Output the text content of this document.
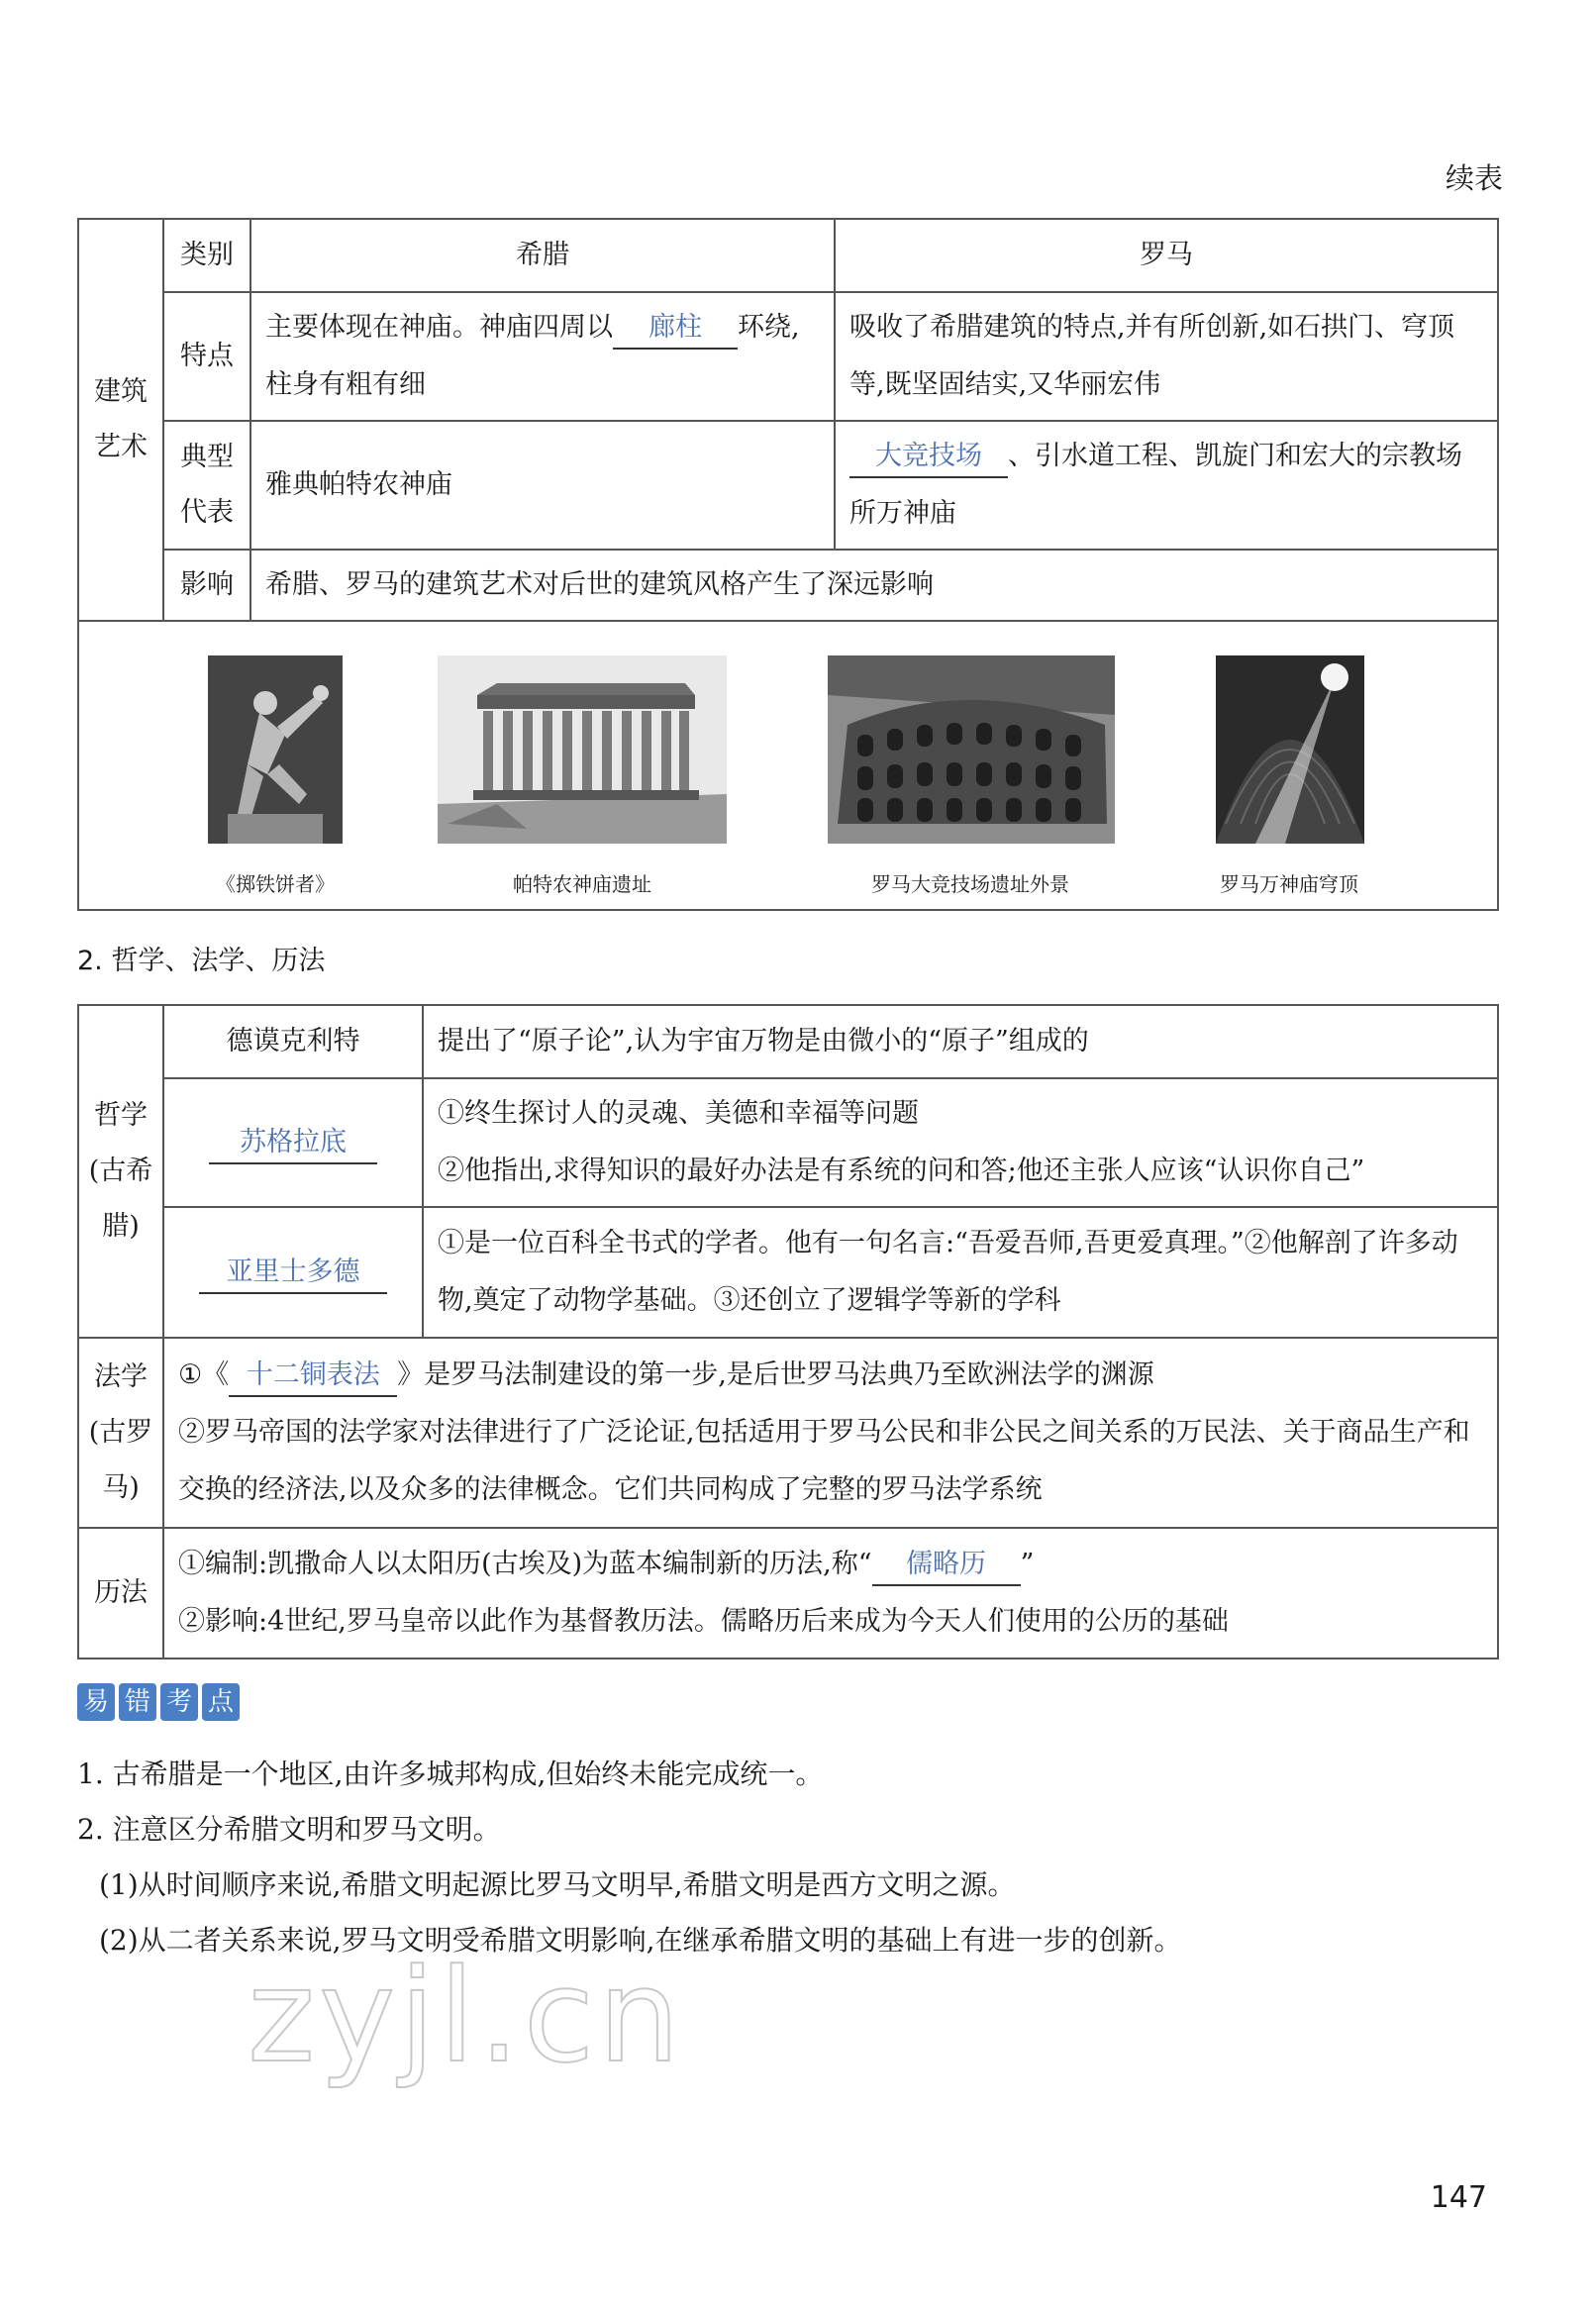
续表
建筑艺术	类别	希腊	罗马
	特点	主要体现在神庙。神庙四周以 廊柱 环绕,柱身有粗有细	吸收了希腊建筑的特点,并有所创新,如石拱门、穹顶等,既坚固结实,又华丽宏伟
	典型代表	雅典帕特农神庙	大竞技场 、引水道工程、凯旋门和宏大的宗教场所万神庙
	影响	希腊、罗马的建筑艺术对后世的建筑风格产生了深远影响	

《掷铁饼者》 帕特农神庙遗址 罗马大竞技场遗址外景 罗马万神庙穹顶			
2. 哲学、法学、历法
哲学(古希腊)	德谟克利特	提出了“原子论”,认为宇宙万物是由微小的“原子”组成的
	苏格拉底	①终生探讨人的灵魂、美德和幸福等问题
②他指出,求得知识的最好办法是有系统的问和答;他还主张人应该“认识你自己”

	亚里士多德	①是一位百科全书式的学者。他有一句名言:“吾爱吾师,吾更爱真理。”②他解剖了许多动物,奠定了动物学基础。③还创立了逻辑学等新的学科
法学(古罗马)	①《 十二铜表法 》是罗马法制建设的第一步,是后世罗马法典乃至欧洲法学的渊源
②罗马帝国的法学家对法律进行了广泛论证,包括适用于罗马公民和非公民之间关系的万民法、关于商品生产和交换的经济法,以及众多的法律概念。它们共同构成了完整的罗马法学系统	

历法	①编制:凯撒命人以太阳历(古埃及)为蓝本编制新的历法,称“ 儒略历 ”
②影响:4世纪,罗马皇帝以此作为基督教历法。儒略历后来成为今天人们使用的公历的基础	
易 错 考 点
1. 古希腊是一个地区,由许多城邦构成,但始终未能完成统一。
2. 注意区分希腊文明和罗马文明。
(1)从时间顺序来说,希腊文明起源比罗马文明早,希腊文明是西方文明之源。
(2)从二者关系来说,罗马文明受希腊文明影响,在继承希腊文明的基础上有进一步的创新。
zyjl.cn
147
